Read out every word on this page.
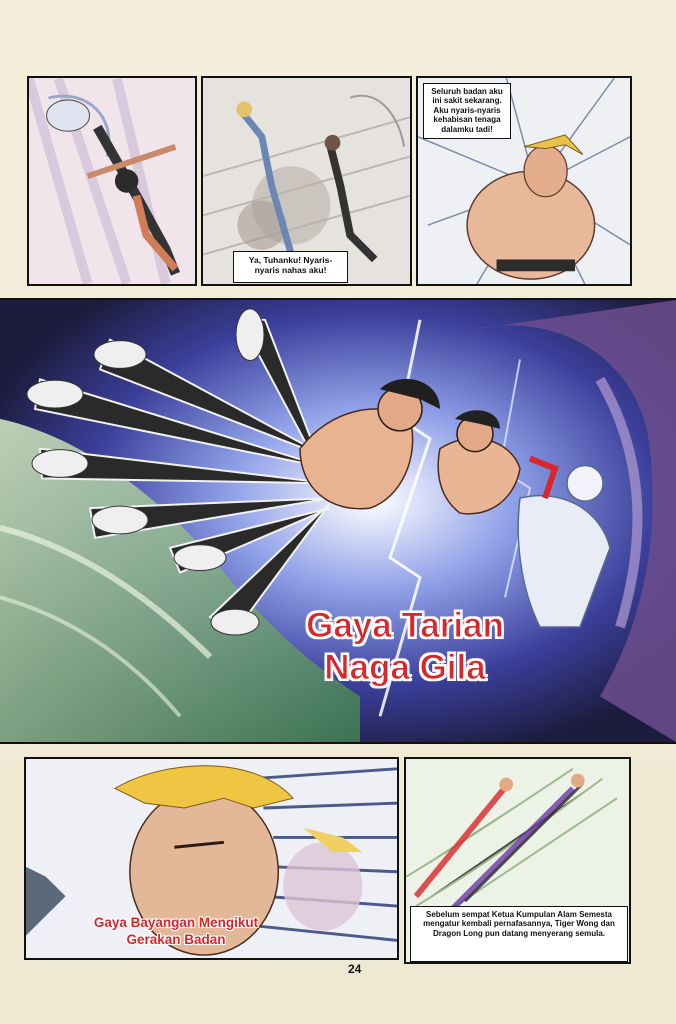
Ya, Tuhanku! Nyaris-nyaris nahas aku!
Seluruh badan aku ini sakit sekarang. Aku nyaris-nyaris kehabisan tenaga dalamku tadi!
Gaya Tarian
Naga Gila
Gaya Bayangan Mengikut
Gerakan Badan
Sebelum sempat Ketua Kumpulan Alam Semesta mengatur kembali pernafasannya, Tiger Wong dan Dragon Long pun datang menyerang semula.
24
